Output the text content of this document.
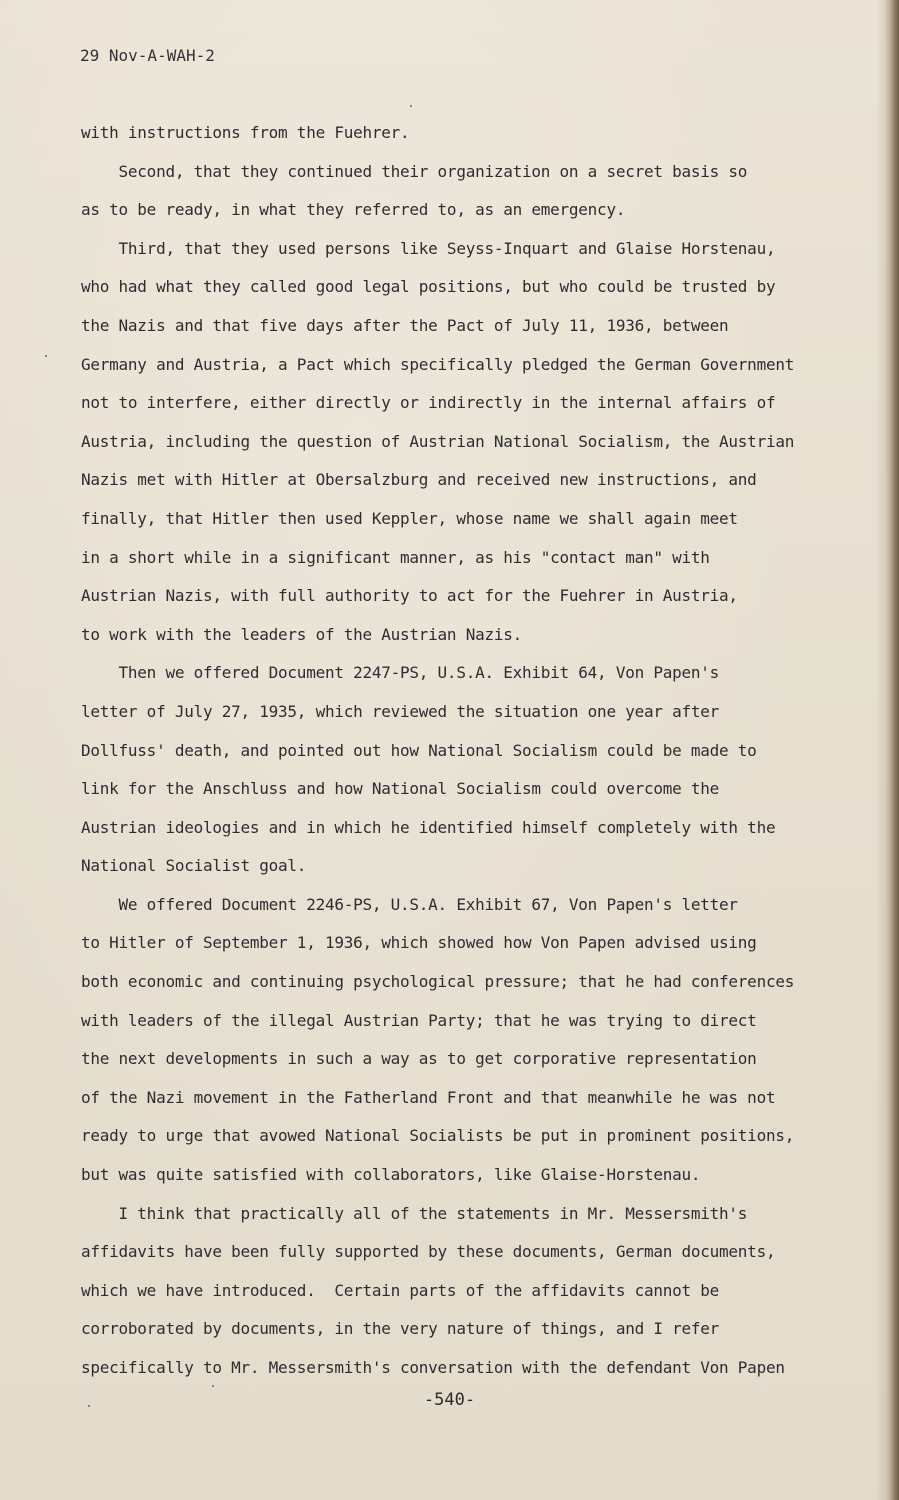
29 Nov-A-WAH-2
with instructions from the Fuehrer.
Second, that they continued their organization on a secret basis so
as to be ready, in what they referred to, as an emergency.
Third, that they used persons like Seyss-Inquart and Glaise Horstenau,
who had what they called good legal positions, but who could be trusted by
the Nazis and that five days after the Pact of July 11, 1936, between
Germany and Austria, a Pact which specifically pledged the German Government
not to interfere, either directly or indirectly in the internal affairs of
Austria, including the question of Austrian National Socialism, the Austrian
Nazis met with Hitler at Obersalzburg and received new instructions, and
finally, that Hitler then used Keppler, whose name we shall again meet
in a short while in a significant manner, as his "contact man" with
Austrian Nazis, with full authority to act for the Fuehrer in Austria,
to work with the leaders of the Austrian Nazis.
Then we offered Document 2247-PS, U.S.A. Exhibit 64, Von Papen's
letter of July 27, 1935, which reviewed the situation one year after
Dollfuss' death, and pointed out how National Socialism could be made to
link for the Anschluss and how National Socialism could overcome the
Austrian ideologies and in which he identified himself completely with the
National Socialist goal.
We offered Document 2246-PS, U.S.A. Exhibit 67, Von Papen's letter
to Hitler of September 1, 1936, which showed how Von Papen advised using
both economic and continuing psychological pressure; that he had conferences
with leaders of the illegal Austrian Party; that he was trying to direct
the next developments in such a way as to get corporative representation
of the Nazi movement in the Fatherland Front and that meanwhile he was not
ready to urge that avowed National Socialists be put in prominent positions,
but was quite satisfied with collaborators, like Glaise-Horstenau.
I think that practically all of the statements in Mr. Messersmith's
affidavits have been fully supported by these documents, German documents,
which we have introduced.  Certain parts of the affidavits cannot be
corroborated by documents, in the very nature of things, and I refer
specifically to Mr. Messersmith's conversation with the defendant Von Papen
-540-
